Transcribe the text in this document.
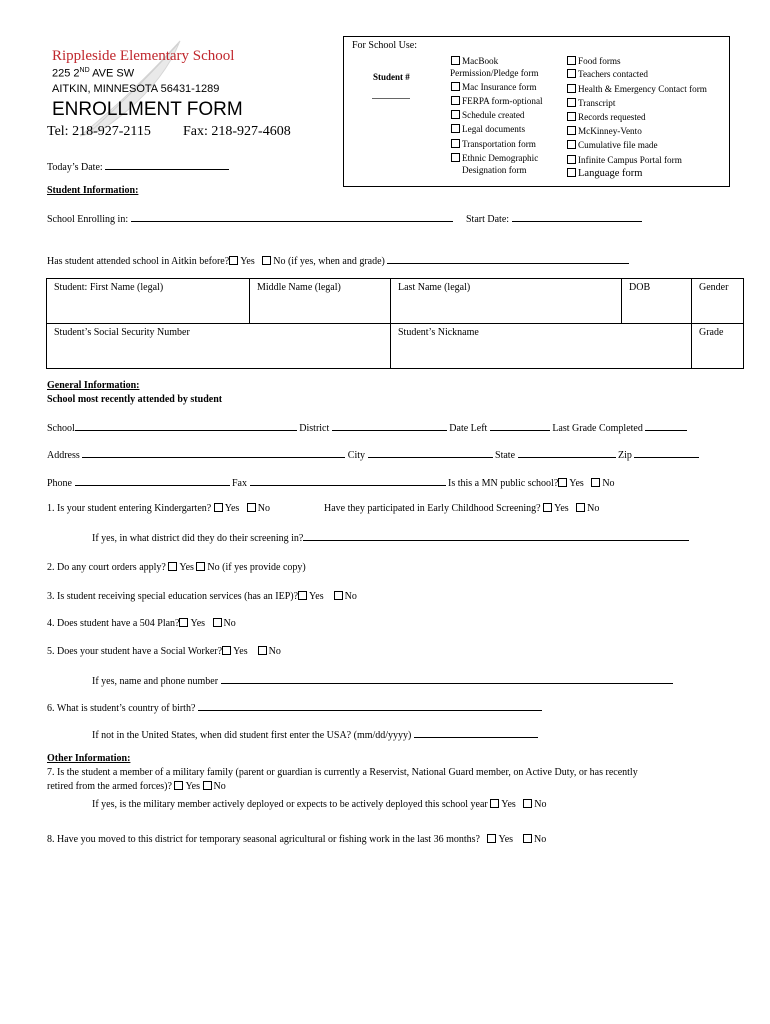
Rippleside Elementary School
225 2ND AVE SW
AITKIN, MINNESOTA 56431-1289
ENROLLMENT FORM
Tel: 218-927-2115 Fax: 218-927-4608
Today’s Date:
For School Use:
Student #
MacBook
Permission/Pledge form
Mac Insurance form
FERPA form-optional
Schedule created
Legal documents
Transportation form
Ethnic Demographic
Designation form
Food forms
Teachers contacted
Health & Emergency Contact form
Transcript
Records requested
McKinney-Vento
Cumulative file made
Infinite Campus Portal form
Language form
Student Information:
School Enrolling in:	Start Date:
Has student attended school in Aitkin before? Yes No (if yes, when and grade)
Student: First Name (legal)	Middle Name (legal)	Last Name (legal)	DOB	Gender
Student’s Social Security Number		Student’s Nickname		Grade
General Information:
School most recently attended by student
School	District	Date Left	Last Grade Completed
Address	City	State	Zip
Phone	Fax	Is this a MN public school? Yes No
1. Is your student entering Kindergarten? Yes No	Have they participated in Early Childhood Screening? Yes No
If yes, in what district did they do their screening in?
2. Do any court orders apply? Yes No (if yes provide copy)
3. Is student receiving special education services (has an IEP)? Yes No
4. Does student have a 504 Plan? Yes No
5. Does your student have a Social Worker? Yes No
If yes, name and phone number
6. What is student’s country of birth?
If not in the United States, when did student first enter the USA? (mm/dd/yyyy)
Other Information:
7. Is the student a member of a military family (parent or guardian is currently a Reservist, National Guard member, on Active Duty, or has recently
retired from the armed forces)? Yes No
If yes, is the military member actively deployed or expects to be actively deployed this school year Yes No
8. Have you moved to this district for temporary seasonal agricultural or fishing work in the last 36 months? Yes No
